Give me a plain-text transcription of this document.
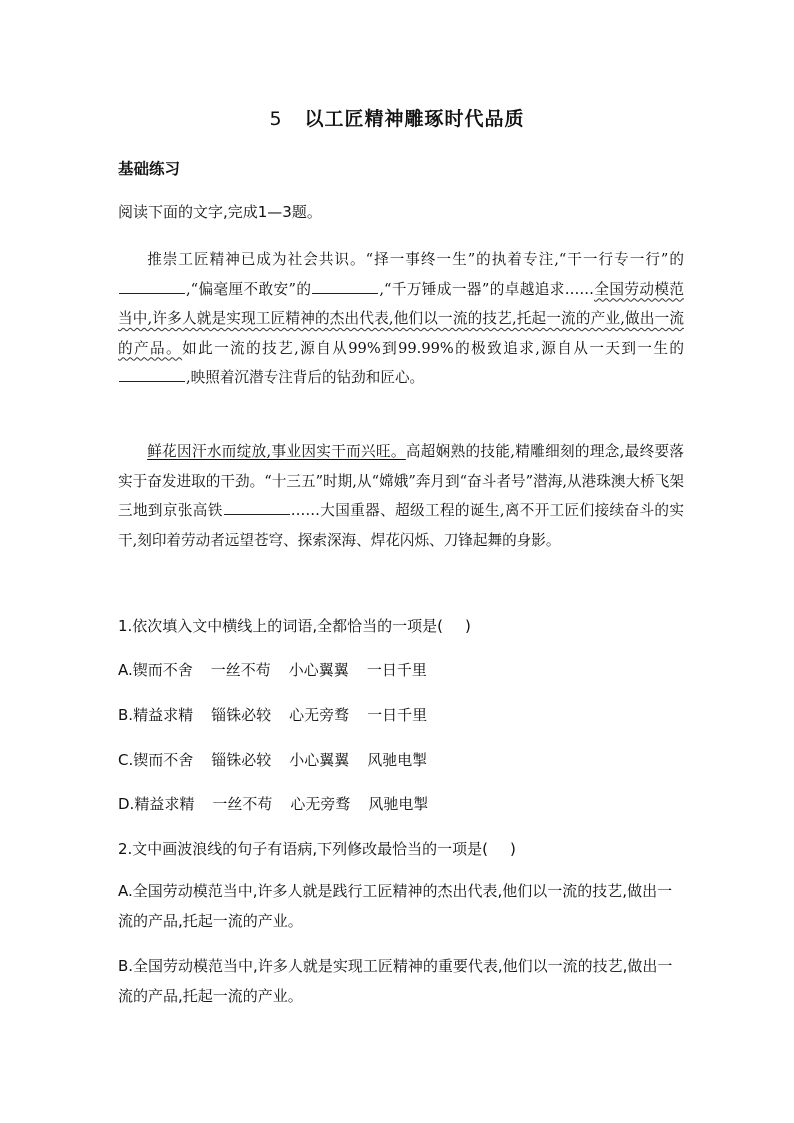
5 以工匠精神雕琢时代品质
基础练习
阅读下面的文字,完成1—3题。
推崇工匠精神已成为社会共识。“择一事终一生”的执着专注,“干一行专一行”的,“偏毫厘不敢安”的	,“千万锤成一器”的卓越追求……全国劳动模范当中,许多人就是实现工匠精神的杰出代表,他们以一流的技艺,托起一流的产业,做出一流的产品。如此一流的技艺,源自从99%到99.99%的极致追求,源自从一天到一生的,映照着沉潜专注背后的钻劲和匠心。
鲜花因汗水而绽放,事业因实干而兴旺。高超娴熟的技能,精雕细刻的理念,最终要落实于奋发进取的干劲。“十三五”时期,从“嫦娥”奔月到“奋斗者号”潜海,从港珠澳大桥飞架三地到京张高铁	……大国重器、超级工程的诞生,离不开工匠们接续奋斗的实干,刻印着劳动者远望苍穹、探索深海、焊花闪烁、刀锋起舞的身影。
1.依次填入文中横线上的词语,全都恰当的一项是( )
A.锲而不舍 一丝不苟 小心翼翼 一日千里
B.精益求精 锱铢必较 心无旁骛 一日千里
C.锲而不舍 锱铢必较 小心翼翼 风驰电掣
D.精益求精 一丝不苟 心无旁骛 风驰电掣
2.文中画波浪线的句子有语病,下列修改最恰当的一项是( )
A.全国劳动模范当中,许多人就是践行工匠精神的杰出代表,他们以一流的技艺,做出一流的产品,托起一流的产业。
B.全国劳动模范当中,许多人就是实现工匠精神的重要代表,他们以一流的技艺,做出一流的产品,托起一流的产业。
